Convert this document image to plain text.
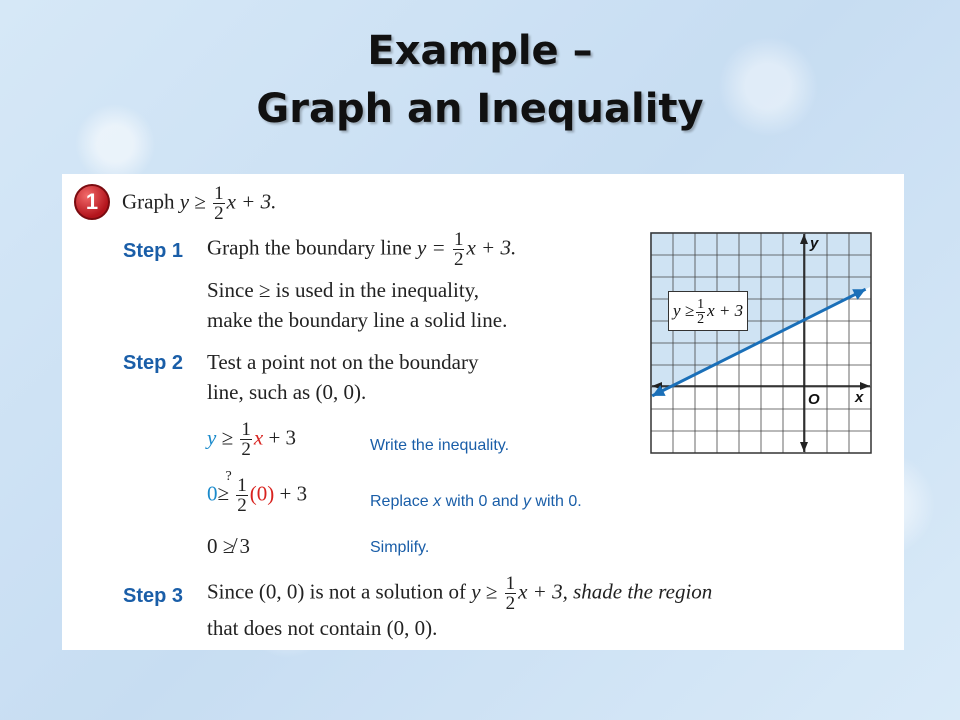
Example –
Graph an Inequality
1	Graph $y \ge \frac{1}{2}$ x + 3.
Step 1 Graph the boundary line $y = \frac{1}{2}$ x + 3.
Since ≥ is used in the inequality,
make the boundary line a solid line.
Step 2 Test a point not on the boundary
line, such as (0, 0).
$y \ge \frac{1}{2}$ x + 3	Write the inequality.
0
?
≥ $\frac{1}{2} (0) + 3$	Replace x with 0 and y with 0.
0 ≱ 3	Simplify.
Step 3 Since (0, 0) is not a solution of $y \ge \frac{1}{2}$ x + 3, shade the region
that does not contain (0, 0).
y
x
O
$y \ge \frac{1}{2}$ x + 3
